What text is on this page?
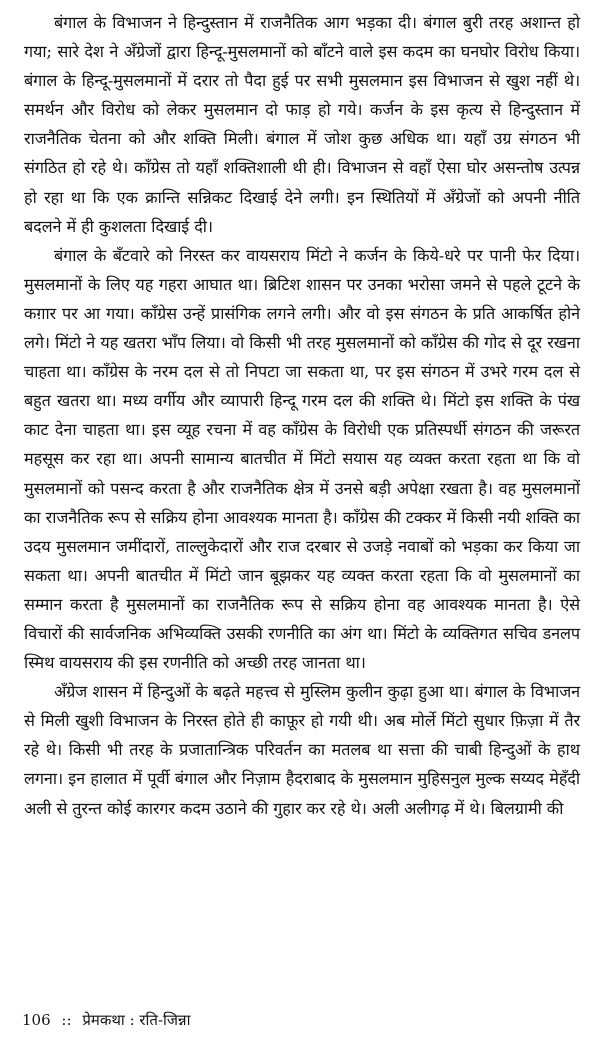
बंगाल के विभाजन ने हिन्दुस्तान में राजनैतिक आग भड़का दी। बंगाल बुरी तरह अशान्त हो गया; सारे देश ने अँग्रेजों द्वारा हिन्दू-मुसलमानों को बाँटने वाले इस कदम का घनघोर विरोध किया। बंगाल के हिन्दू-मुसलमानों में दरार तो पैदा हुई पर सभी मुसलमान इस विभाजन से खुश नहीं थे। समर्थन और विरोध को लेकर मुसलमान दो फाड़ हो गये। कर्जन के इस कृत्य से हिन्दुस्तान में राजनैतिक चेतना को और शक्ति मिली। बंगाल में जोश कुछ अधिक था। यहाँ उग्र संगठन भी संगठित हो रहे थे। काँग्रेस तो यहाँ शक्तिशाली थी ही। विभाजन से वहाँ ऐसा घोर असन्तोष उत्पन्न हो रहा था कि एक क्रान्ति सन्निकट दिखाई देने लगी। इन स्थितियों में अँग्रेजों को अपनी नीति बदलने में ही कुशलता दिखाई दी।

बंगाल के बँटवारे को निरस्त कर वायसराय मिंटो ने कर्जन के किये-धरे पर पानी फेर दिया। मुसलमानों के लिए यह गहरा आघात था। ब्रिटिश शासन पर उनका भरोसा जमने से पहले टूटने के कग़ार पर आ गया। काँग्रेस उन्हें प्रासंगिक लगने लगी। और वो इस संगठन के प्रति आकर्षित होने लगे। मिंटो ने यह खतरा भाँप लिया। वो किसी भी तरह मुसलमानों को काँग्रेस की गोद से दूर रखना चाहता था। काँग्रेस के नरम दल से तो निपटा जा सकता था, पर इस संगठन में उभरे गरम दल से बहुत खतरा था। मध्य वर्गीय और व्यापारी हिन्दू गरम दल की शक्ति थे। मिंटो इस शक्ति के पंख काट देना चाहता था। इस व्यूह रचना में वह काँग्रेस के विरोधी एक प्रतिस्पर्धी संगठन की जरूरत महसूस कर रहा था। अपनी सामान्य बातचीत में मिंटो सयास यह व्यक्त करता रहता था कि वो मुसलमानों को पसन्द करता है और राजनैतिक क्षेत्र में उनसे बड़ी अपेक्षा रखता है। वह मुसलमानों का राजनैतिक रूप से सक्रिय होना आवश्यक मानता है। काँग्रेस की टक्कर में किसी नयी शक्ति का उदय मुसलमान जमींदारों, ताल्लुकेदारों और राज दरबार से उजड़े नवाबों को भड़का कर किया जा सकता था। अपनी बातचीत में मिंटो जान बूझकर यह व्यक्त करता रहता कि वो मुसलमानों का सम्मान करता है मुसलमानों का राजनैतिक रूप से सक्रिय होना वह आवश्यक मानता है। ऐसे विचारों की सार्वजनिक अभिव्यक्ति उसकी रणनीति का अंग था। मिंटो के व्यक्तिगत सचिव डनलप स्मिथ वायसराय की इस रणनीति को अच्छी तरह जानता था।

अँग्रेज शासन में हिन्दुओं के बढ़ते महत्त्व से मुस्लिम कुलीन कुढ़ा हुआ था। बंगाल के विभाजन से मिली खुशी विभाजन के निरस्त होते ही काफ़ूर हो गयी थी। अब मोर्ले मिंटो सुधार फ़िज़ा में तैर रहे थे। किसी भी तरह के प्रजातान्त्रिक परिवर्तन का मतलब था सत्ता की चाबी हिन्दुओं के हाथ लगना। इन हालात में पूर्वी बंगाल और निज़ाम हैदराबाद के मुसलमान मुहिसनुल मुल्क सय्यद मेहँदी अली से तुरन्त कोई कारगर कदम उठाने की गुहार कर रहे थे। अली अलीगढ़ में थे। बिलग्रामी की

106 :: प्रेमकथा : रति-जिन्ना
